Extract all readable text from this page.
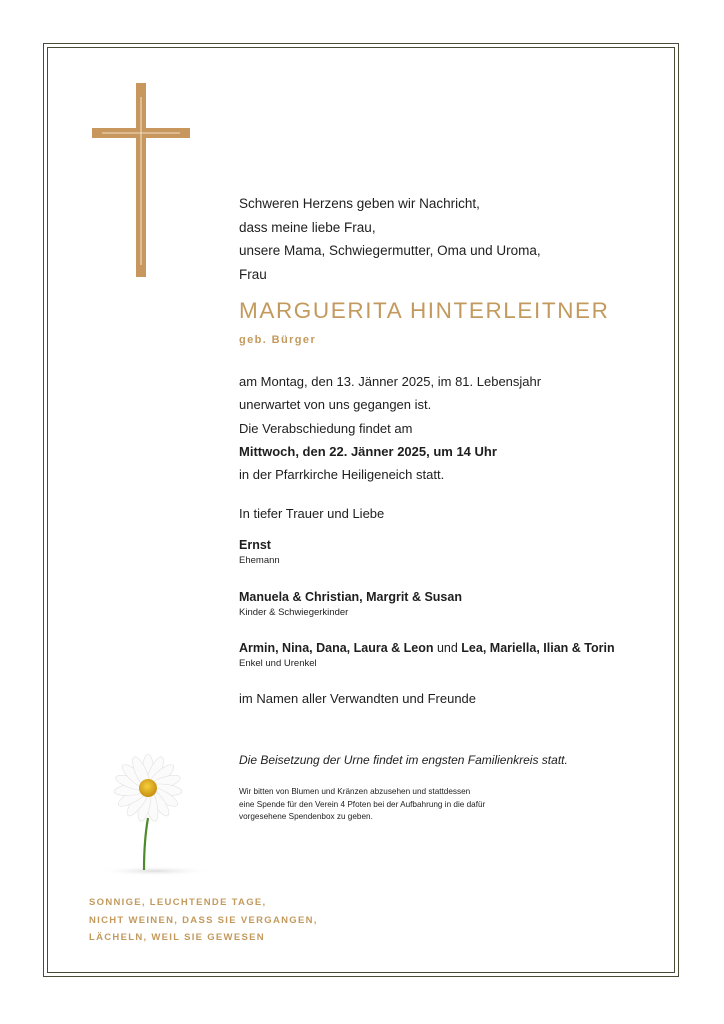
Schweren Herzens geben wir Nachricht,
dass meine liebe Frau,
unsere Mama, Schwiegermutter, Oma und Uroma,
Frau
MARGUERITA HINTERLEITNER
geb. Bürger
am Montag, den 13. Jänner 2025, im 81. Lebensjahr
unerwartet von uns gegangen ist.
Die Verabschiedung findet am
Mittwoch, den 22. Jänner 2025, um 14 Uhr
in der Pfarrkirche Heiligeneich statt.
In tiefer Trauer und Liebe
Ernst
Ehemann
Manuela & Christian, Margrit & Susan
Kinder & Schwiegerkinder
Armin, Nina, Dana, Laura & Leon und Lea, Mariella, Ilian & Torin
Enkel und Urenkel
im Namen aller Verwandten und Freunde
Die Beisetzung der Urne findet im engsten Familienkreis statt.
Wir bitten von Blumen und Kränzen abzusehen und stattdessen
eine Spende für den Verein 4 Pfoten bei der Aufbahrung in die dafür
vorgesehene Spendenbox zu geben.
SONNIGE, LEUCHTENDE TAGE,
NICHT WEINEN, DASS SIE VERGANGEN,
LÄCHELN, WEIL SIE GEWESEN
